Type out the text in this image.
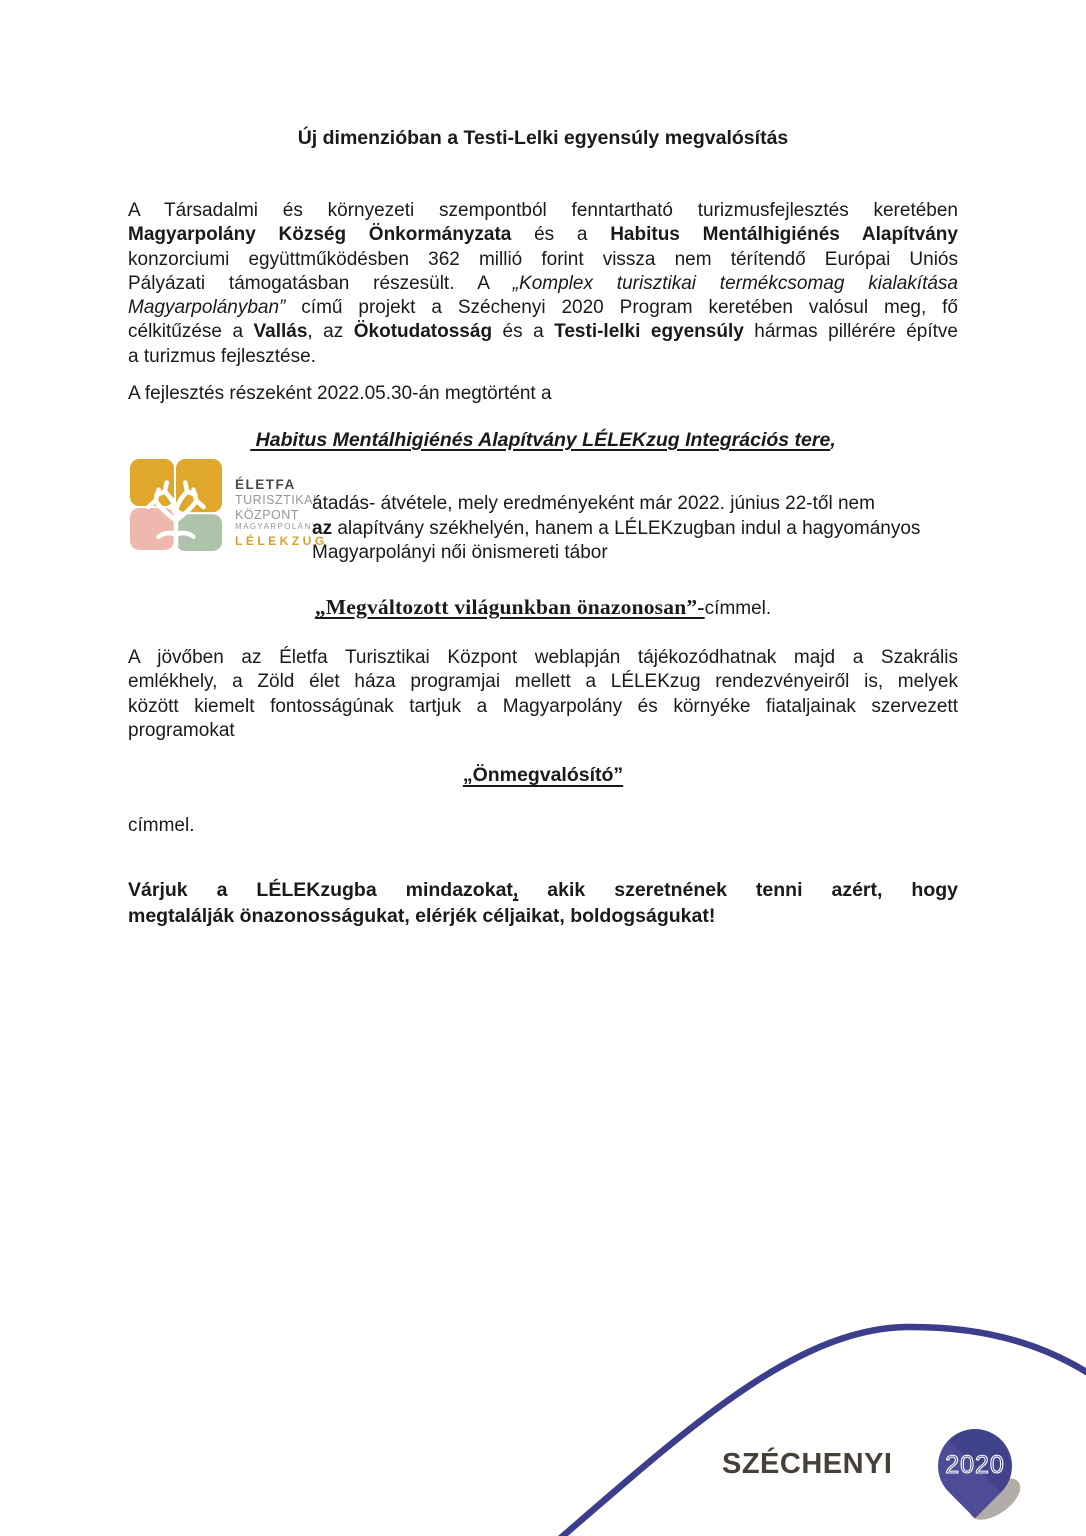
Új dimenzióban a Testi-Lelki egyensúly megvalósítás
A Társadalmi és környezeti szempontból fenntartható turizmusfejlesztés keretében
Magyarpolány Község Önkormányzata és a Habitus Mentálhigiénés Alapítvány
konzorciumi együttműködésben 362 millió forint vissza nem térítendő Európai Uniós
Pályázati támogatásban részesült. A „Komplex turisztikai termékcsomag kialakítása
Magyarpolányban” című projekt a Széchenyi 2020 Program keretében valósul meg, fő
célkitűzése a Vallás, az Ökotudatosság és a Testi-lelki egyensúly hármas pillérére építve
a turizmus fejlesztése.
A fejlesztés részeként 2022.05.30-án megtörtént a
Habitus Mentálhigiénés Alapítvány LÉLEKzug Integrációs tere,
ÉLETFA
TURISZTIKAI
KÖZPONT
MAGYARPOLÁNY
LÉLEKZUG
átadás- átvétele, mely eredményeként már 2022. június 22-től nem
az alapítvány székhelyén, hanem a LÉLEKzugban indul a hagyományos
Magyarpolányi női önismereti tábor
„Megváltozott világunkban önazonosan”-címmel.
A jövőben az Életfa Turisztikai Központ weblapján tájékozódhatnak majd a Szakrális
emlékhely, a Zöld élet háza programjai mellett a LÉLEKzug rendezvényeiről is, melyek
között kiemelt fontosságúnak tartjuk a Magyarpolány és környéke fiataljainak szervezett
programokat
„Önmegvalósító”
címmel.
Várjuk a LÉLEKzugba mindazokat, akik szeretnének tenni azért, hogy
megtalálják önazonosságukat, elérjék céljaikat, boldogságukat!
SZÉCHENYI 2020
